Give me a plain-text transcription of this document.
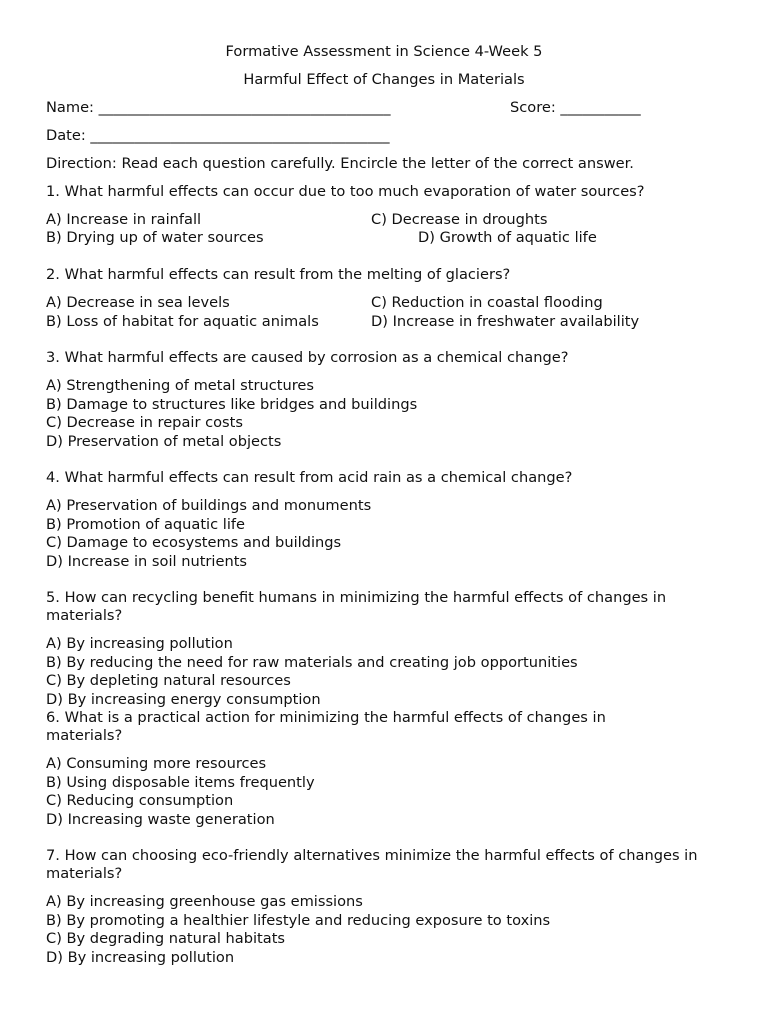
Formative Assessment in Science 4-Week 5
Harmful Effect of Changes in Materials
Name: ________________________________________	Score: ___________
Date: _________________________________________
Direction: Read each question carefully. Encircle the letter of the correct answer.
1. What harmful effects can occur due to too much evaporation of water sources?
A) Increase in rainfall	C) Decrease in droughts
B) Drying up of water sources	D) Growth of aquatic life
2. What harmful effects can result from the melting of glaciers?
A) Decrease in sea levels	C) Reduction in coastal flooding
B) Loss of habitat for aquatic animals	D) Increase in freshwater availability
3. What harmful effects are caused by corrosion as a chemical change?
A) Strengthening of metal structures
B) Damage to structures like bridges and buildings
C) Decrease in repair costs
D) Preservation of metal objects
4. What harmful effects can result from acid rain as a chemical change?
A) Preservation of buildings and monuments
B) Promotion of aquatic life
C) Damage to ecosystems and buildings
D) Increase in soil nutrients
5. How can recycling benefit humans in minimizing the harmful effects of changes in materials?
A) By increasing pollution
B) By reducing the need for raw materials and creating job opportunities
C) By depleting natural resources
D) By increasing energy consumption
6. What is a practical action for minimizing the harmful effects of changes in materials?
A) Consuming more resources
B) Using disposable items frequently
C) Reducing consumption
D) Increasing waste generation
7. How can choosing eco-friendly alternatives minimize the harmful effects of changes in materials?
A) By increasing greenhouse gas emissions
B) By promoting a healthier lifestyle and reducing exposure to toxins
C) By degrading natural habitats
D) By increasing pollution
